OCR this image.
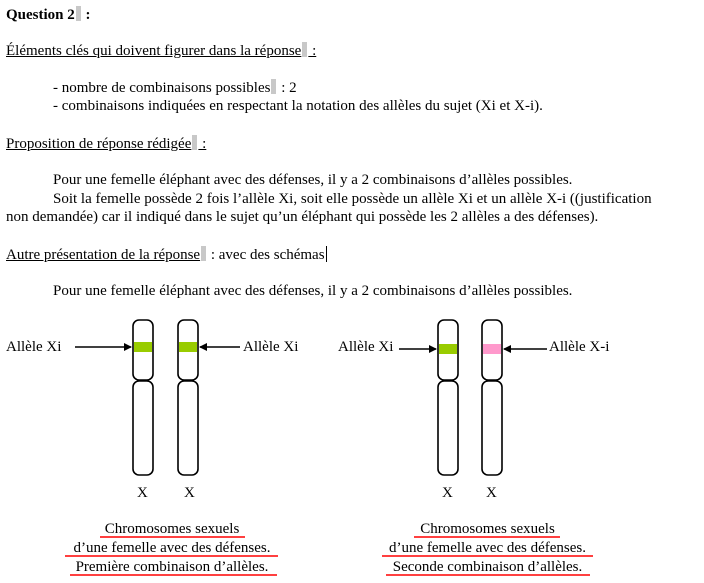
Question 2 :
Éléments clés qui doivent figurer dans la réponse :
- nombre de combinaisons possibles : 2
- combinaisons indiquées en respectant la notation des allèles du sujet (Xi et X-i).
Proposition de réponse rédigée :
Pour une femelle éléphant avec des défenses, il y a 2 combinaisons d’allèles possibles.
Soit la femelle possède 2 fois l’allèle Xi, soit elle possède un allèle Xi et un allèle X-i ((justification
non demandée) car il indiqué dans le sujet qu’un éléphant qui possède les 2 allèles a des défenses).
Autre présentation de la réponse : avec des schémas
Pour une femelle éléphant avec des défenses, il y a 2 combinaisons d’allèles possibles.
Allèle Xi	Allèle Xi
X X
Allèle Xi	Allèle X-i
X X
Chromosomes sexuels
d’une femelle avec des défenses.
Première combinaison d’allèles.
Chromosomes sexuels
d’une femelle avec des défenses.
Seconde combinaison d’allèles.
